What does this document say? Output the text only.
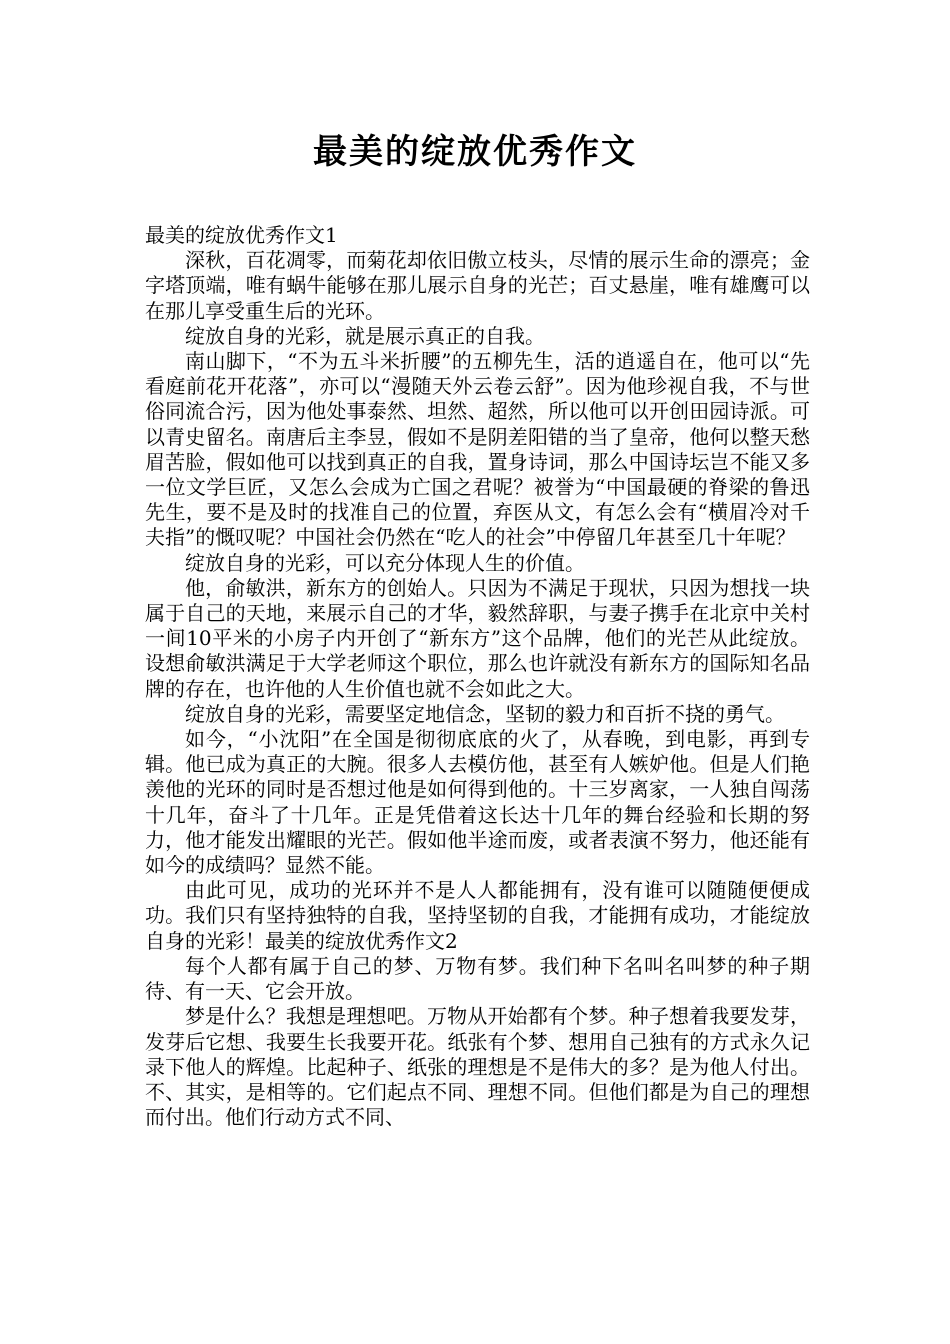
最美的绽放优秀作文

最美的绽放优秀作文1

深秋，百花凋零，而菊花却依旧傲立枝头，尽情的展示生命的漂亮；金字塔顶端，唯有蜗牛能够在那儿展示自身的光芒；百丈悬崖，唯有雄鹰可以在那儿享受重生后的光环。

绽放自身的光彩，就是展示真正的自我。

南山脚下，“不为五斗米折腰”的五柳先生，活的逍遥自在，他可以“先看庭前花开花落”，亦可以“漫随天外云卷云舒”。因为他珍视自我，不与世俗同流合污，因为他处事泰然、坦然、超然，所以他可以开创田园诗派。可以青史留名。南唐后主李昱，假如不是阴差阳错的当了皇帝，他何以整天愁眉苦脸，假如他可以找到真正的自我，置身诗词，那么中国诗坛岂不能又多一位文学巨匠，又怎么会成为亡国之君呢？被誉为“中国最硬的脊梁的鲁迅先生，要不是及时的找准自己的位置，弃医从文，有怎么会有“横眉冷对千夫指”的慨叹呢？中国社会仍然在“吃人的社会”中停留几年甚至几十年呢？

绽放自身的光彩，可以充分体现人生的价值。

他，俞敏洪，新东方的创始人。只因为不满足于现状，只因为想找一块属于自己的天地，来展示自己的才华，毅然辞职，与妻子携手在北京中关村一间10平米的小房子内开创了“新东方”这个品牌，他们的光芒从此绽放。设想俞敏洪满足于大学老师这个职位，那么也许就没有新东方的国际知名品牌的存在，也许他的人生价值也就不会如此之大。

绽放自身的光彩，需要坚定地信念，坚韧的毅力和百折不挠的勇气。

如今，“小沈阳”在全国是彻彻底底的火了，从春晚，到电影，再到专辑。他已成为真正的大腕。很多人去模仿他，甚至有人嫉妒他。但是人们艳羡他的光环的同时是否想过他是如何得到他的。十三岁离家，一人独自闯荡十几年，奋斗了十几年。正是凭借着这长达十几年的舞台经验和长期的努力，他才能发出耀眼的光芒。假如他半途而废，或者表演不努力，他还能有如今的成绩吗？显然不能。

由此可见，成功的光环并不是人人都能拥有，没有谁可以随随便便成功。我们只有坚持独特的自我，坚持坚韧的自我，才能拥有成功，才能绽放自身的光彩！最美的绽放优秀作文2

每个人都有属于自己的梦、万物有梦。我们种下名叫名叫梦的种子期待、有一天、它会开放。

梦是什么？我想是理想吧。万物从开始都有个梦。种子想着我要发芽，发芽后它想、我要生长我要开花。纸张有个梦、想用自己独有的方式永久记录下他人的辉煌。比起种子、纸张的理想是不是伟大的多？是为他人付出。不、其实，是相等的。它们起点不同、理想不同。但他们都是为自己的理想而付出。他们行动方式不同、
